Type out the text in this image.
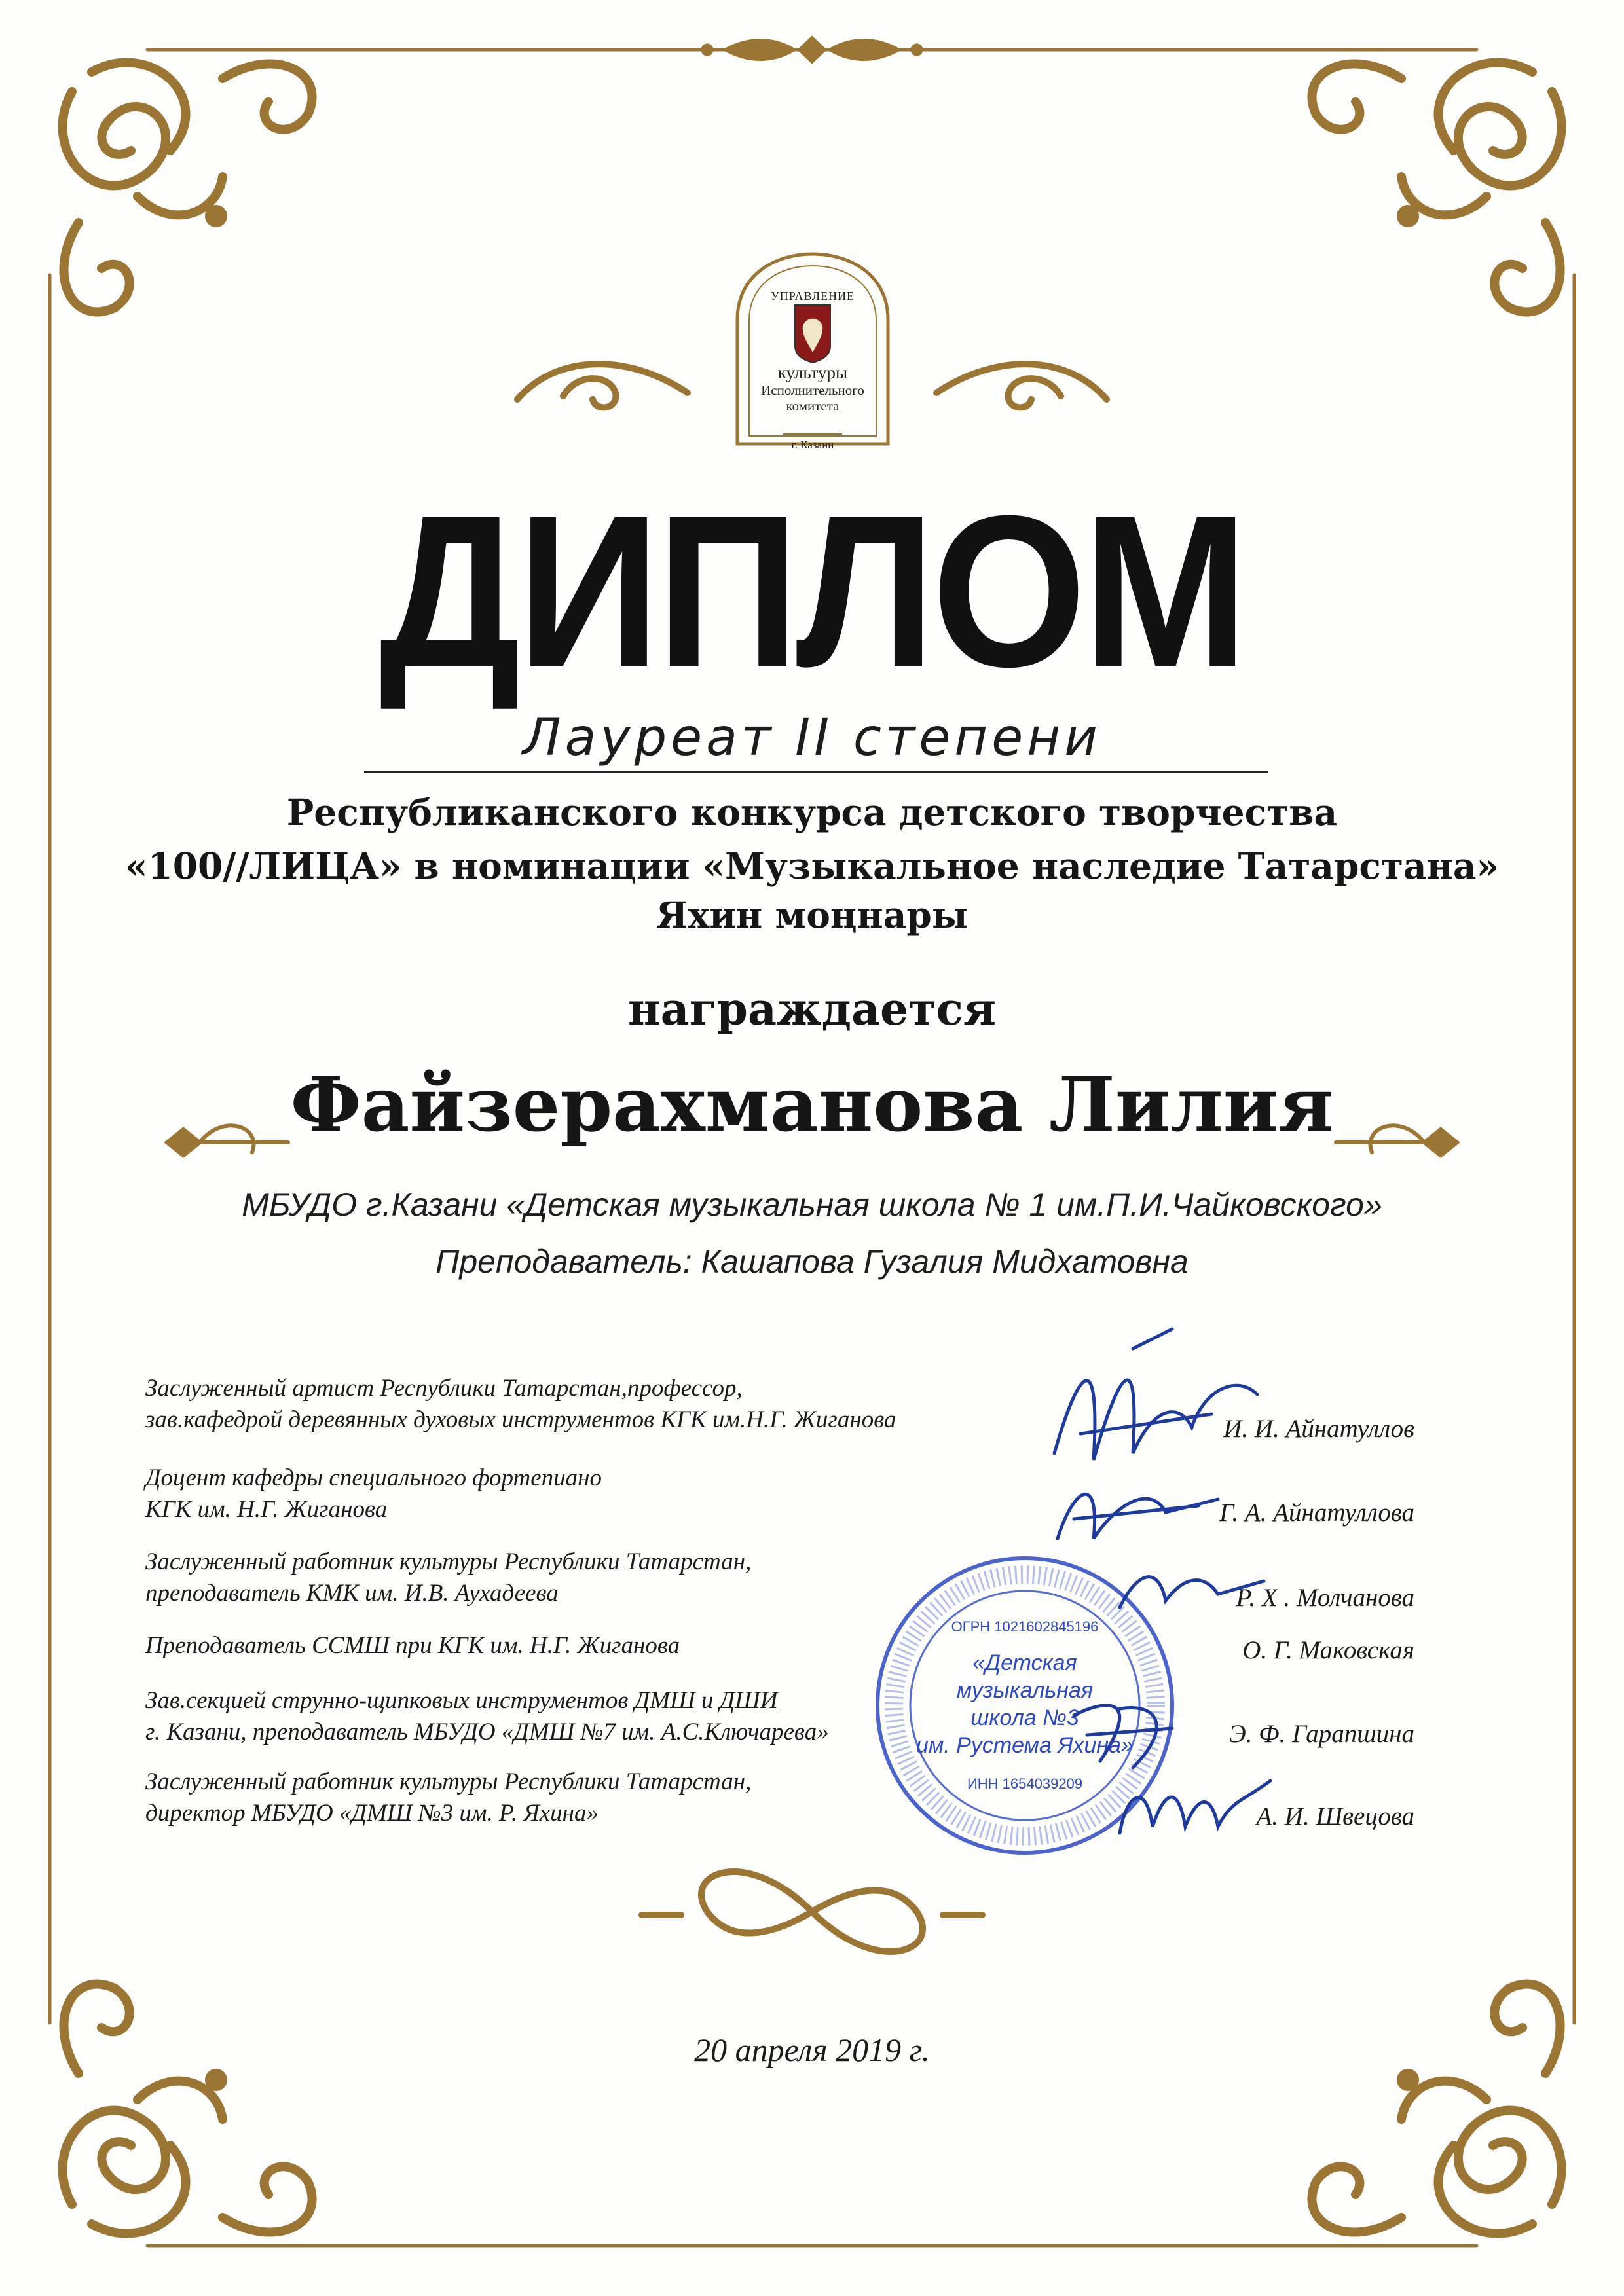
УПРАВЛЕНИЕ
культуры
Исполнительного
комитета
г. Казани
ДИПЛОМ
Лауреат II степени
Республиканского конкурса детского творчества
«100//ЛИЦА» в номинации «Музыкальное наследие Татарстана»
Яхин моңнары
награждается
Файзерахманова Лилия
МБУДО г.Казани «Детская музыкальная школа № 1 им.П.И.Чайковского»
Преподаватель: Кашапова Гузалия Мидхатовна
Заслуженный артист Республики Татарстан,профессор,
зав.кафедрой деревянных духовых инструментов КГК им.Н.Г. Жиганова	И. И. Айнатуллов
Доцент кафедры специального фортепиано
КГК им. Н.Г. Жиганова	Г. А. Айнатуллова
Заслуженный работник культуры Республики Татарстан,
преподаватель КМК им. И.В. Аухадеева	Р. Х . Молчанова
Преподаватель ССМШ при КГК им. Н.Г. Жиганова	О. Г. Маковская
Зав.секцией струнно-щипковых инструментов ДМШ и ДШИ
г. Казани, преподаватель МБУДО «ДМШ №7 им. А.С.Ключарева»	Э. Ф. Гарапшина
Заслуженный работник культуры Республики Татарстан,
директор МБУДО «ДМШ №3 им. Р. Яхина»	А. И. Швецова
ОГРН 1021602845196
«Детская
музыкальная
школа №3
им. Рустема Яхина»
ИНН 1654039209
20 апреля 2019 г.
